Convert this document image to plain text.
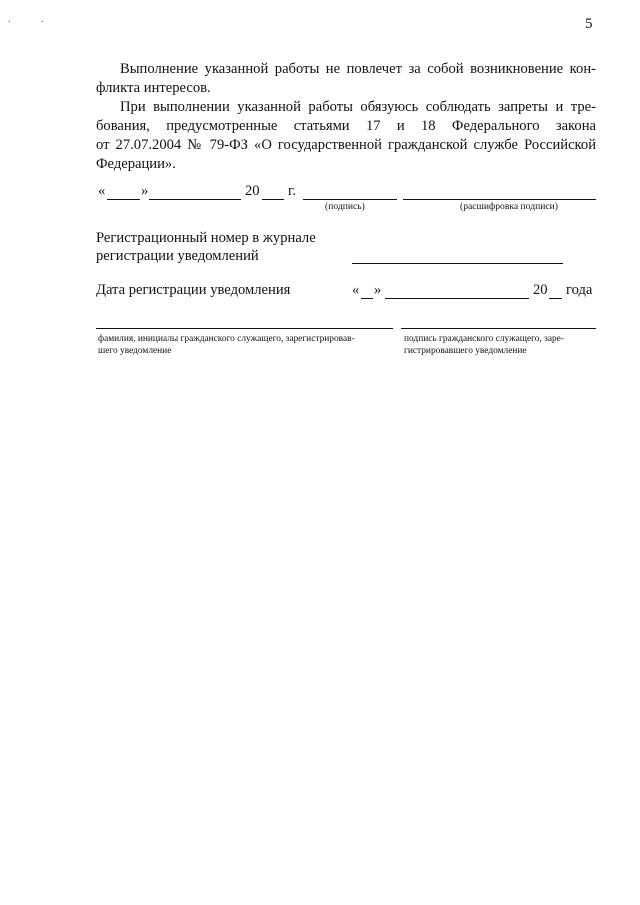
5
. .
Выполнение указанной работы не повлечет за собой возникновение кон-
фликта интересов.
При выполнении указанной работы обязуюсь соблюдать запреты и тре-
бования, предусмотренные статьями 17 и 18 Федерального закона
от 27.07.2004 № 79-ФЗ «О государственной гражданской службе Российской
Федерации».
« »	20 г.
(подпись)	(расшифровка подписи)
Регистрационный номер в журнале
регистрации уведомлений
Дата регистрации уведомления	« »	20 года
фамилия, инициалы гражданского служащего, зарегистрировав-
шего уведомление
подпись гражданского служащего, заре-
гистрировавшего уведомление
